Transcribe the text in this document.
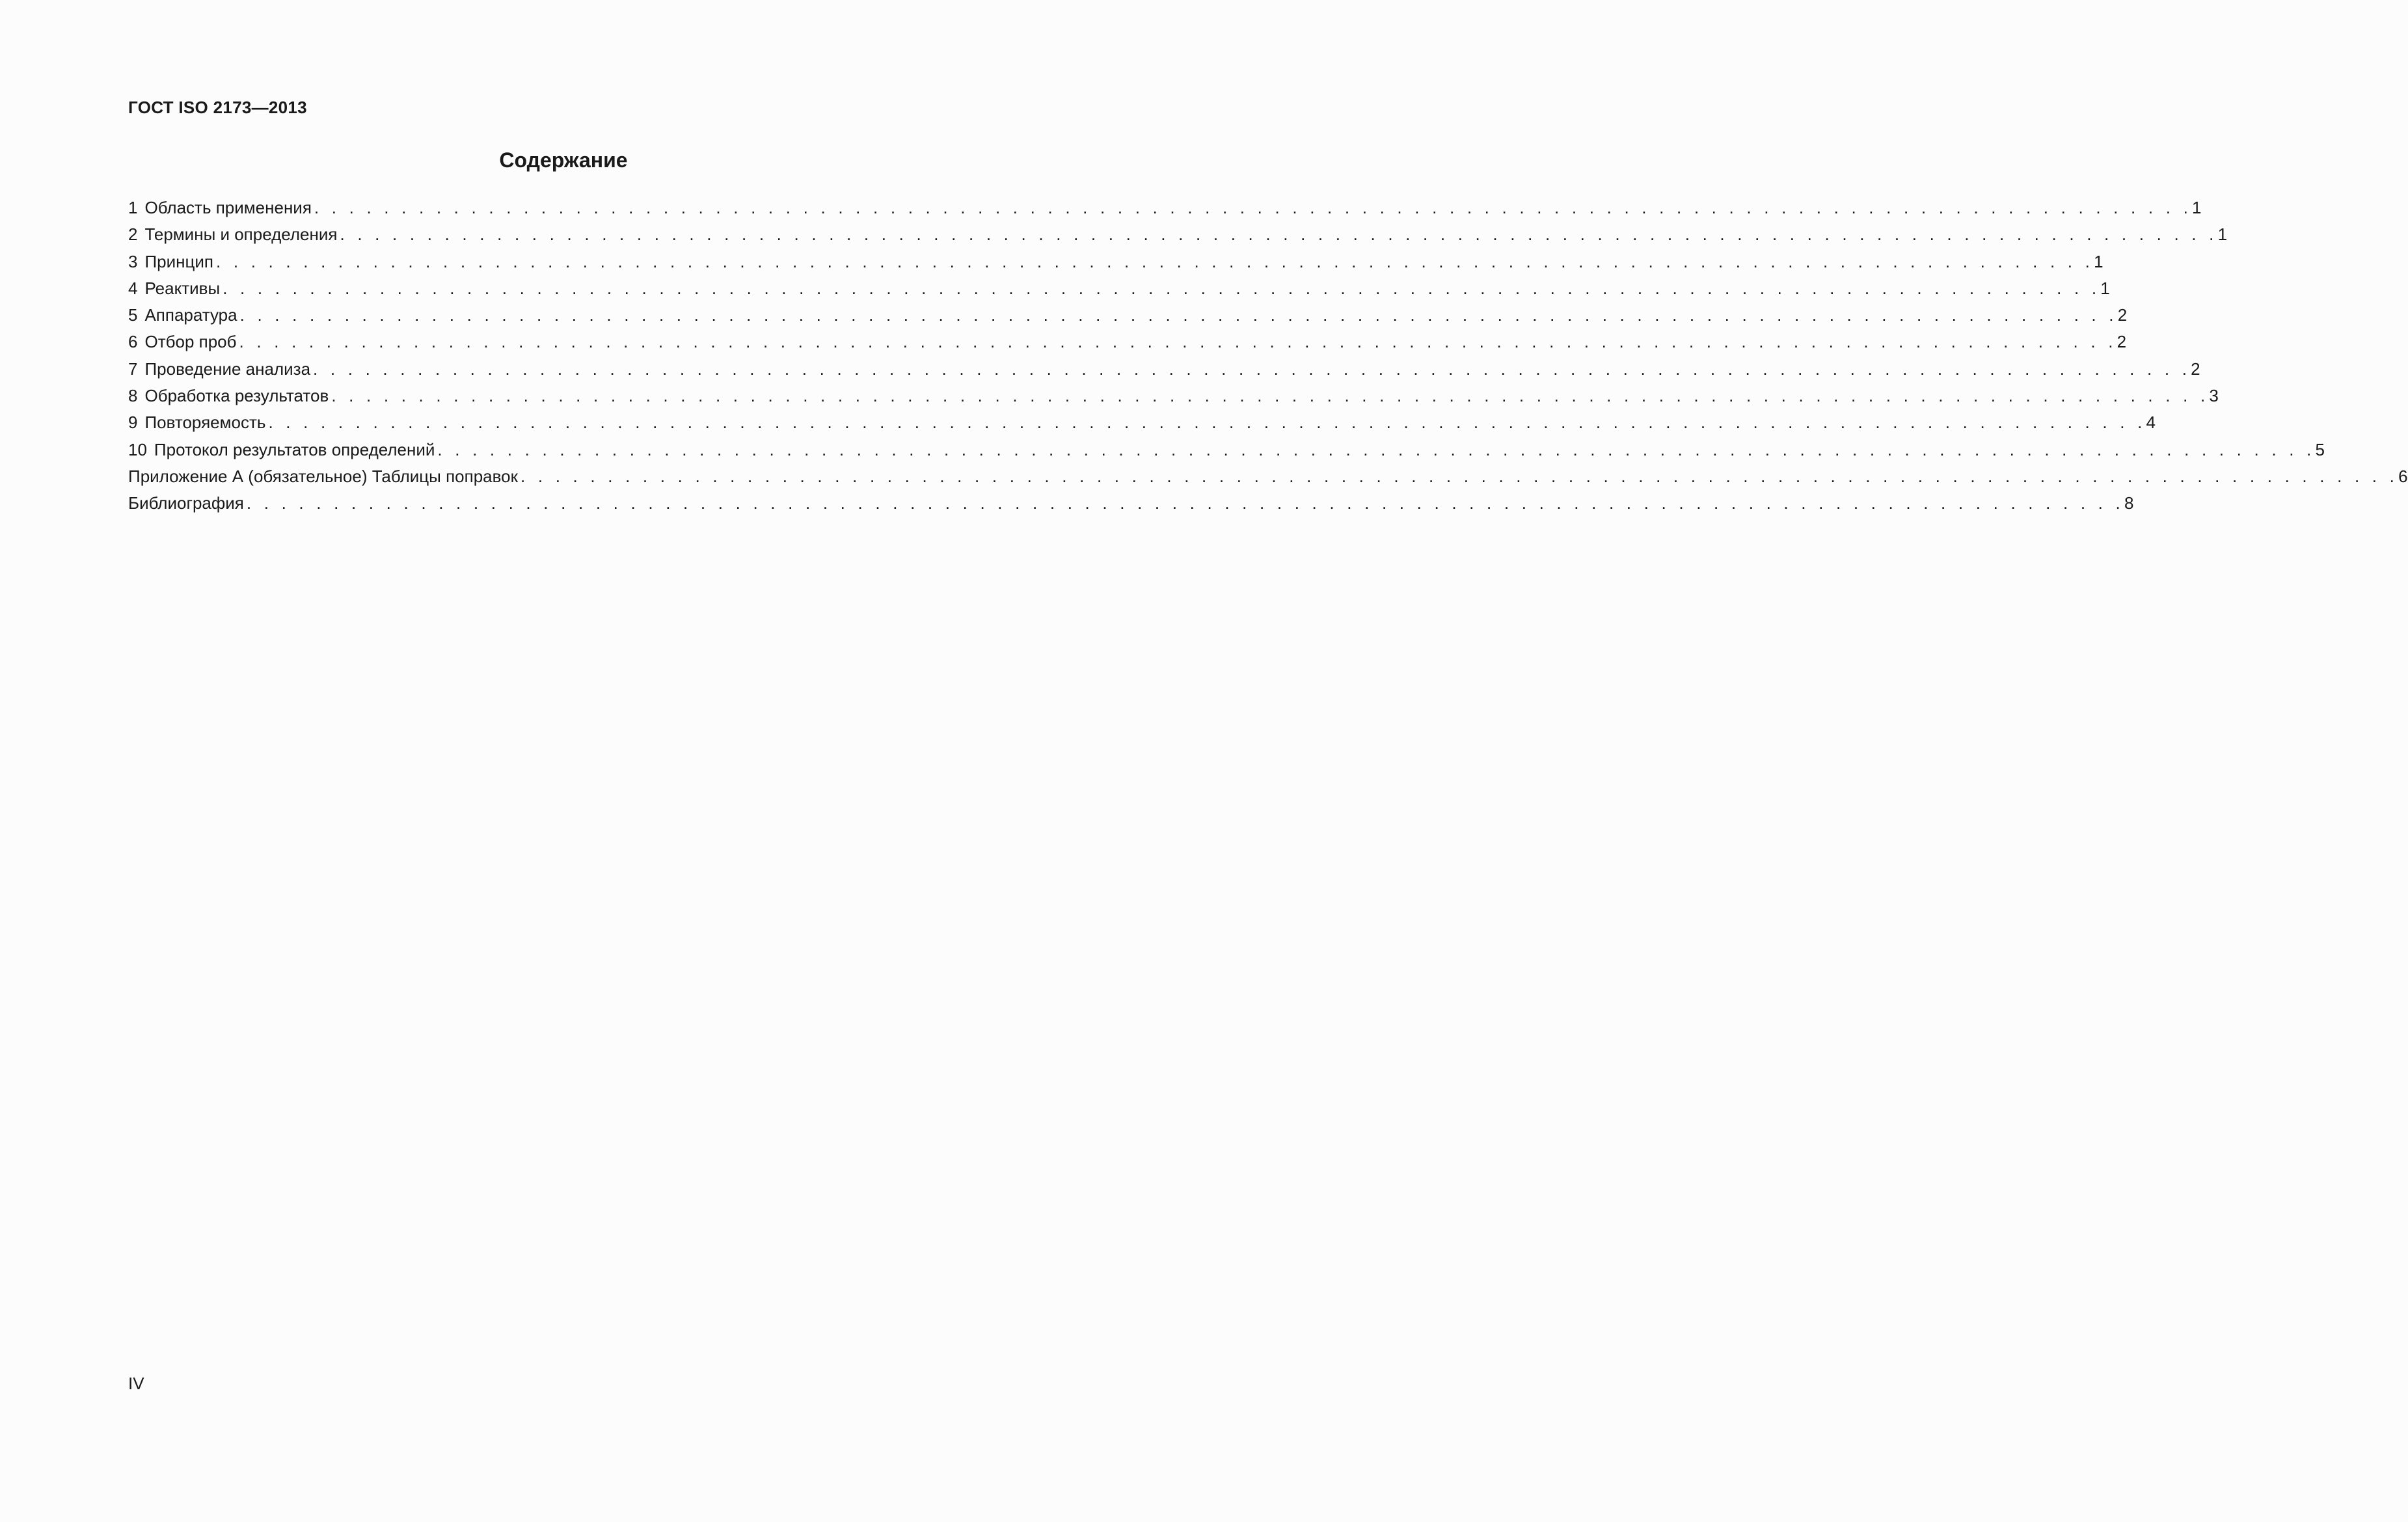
ГОСТ ISO 2173—2013
Содержание
1 Область применения . . . . . . . . . . . . . . . . . . . . . . . . . . . . . . . . . . . . . . . . . . . . . . . . . . . . . . . . . . . . . . . . . . . . . . . . . . . . . . . . . . . . . . . . . . . . . . . . . . . . . . . . . . . . 1
2 Термины и определения . . . . . . . . . . . . . . . . . . . . . . . . . . . . . . . . . . . . . . . . . . . . . . . . . . . . . . . . . . . . . . . . . . . . . . . . . . . . . . . . . . . . . . . . . . . . . . . . . . . . . . . . . . . . 1
3 Принцип . . . . . . . . . . . . . . . . . . . . . . . . . . . . . . . . . . . . . . . . . . . . . . . . . . . . . . . . . . . . . . . . . . . . . . . . . . . . . . . . . . . . . . . . . . . . . . . . . . . . . . . . . . . . 1
4 Реактивы . . . . . . . . . . . . . . . . . . . . . . . . . . . . . . . . . . . . . . . . . . . . . . . . . . . . . . . . . . . . . . . . . . . . . . . . . . . . . . . . . . . . . . . . . . . . . . . . . . . . . . . . . . . . 1
5 Аппаратура . . . . . . . . . . . . . . . . . . . . . . . . . . . . . . . . . . . . . . . . . . . . . . . . . . . . . . . . . . . . . . . . . . . . . . . . . . . . . . . . . . . . . . . . . . . . . . . . . . . . . . . . . . . . 2
6 Отбор проб . . . . . . . . . . . . . . . . . . . . . . . . . . . . . . . . . . . . . . . . . . . . . . . . . . . . . . . . . . . . . . . . . . . . . . . . . . . . . . . . . . . . . . . . . . . . . . . . . . . . . . . . . . . . 2
7 Проведение анализа . . . . . . . . . . . . . . . . . . . . . . . . . . . . . . . . . . . . . . . . . . . . . . . . . . . . . . . . . . . . . . . . . . . . . . . . . . . . . . . . . . . . . . . . . . . . . . . . . . . . . . . . . . . . 2
8 Обработка результатов . . . . . . . . . . . . . . . . . . . . . . . . . . . . . . . . . . . . . . . . . . . . . . . . . . . . . . . . . . . . . . . . . . . . . . . . . . . . . . . . . . . . . . . . . . . . . . . . . . . . . . . . . . . . 3
9 Повторяемость . . . . . . . . . . . . . . . . . . . . . . . . . . . . . . . . . . . . . . . . . . . . . . . . . . . . . . . . . . . . . . . . . . . . . . . . . . . . . . . . . . . . . . . . . . . . . . . . . . . . . . . . . . . . 4
10 Протокол результатов определений . . . . . . . . . . . . . . . . . . . . . . . . . . . . . . . . . . . . . . . . . . . . . . . . . . . . . . . . . . . . . . . . . . . . . . . . . . . . . . . . . . . . . . . . . . . . . . . . . . . . . . . . . . . . 5
Приложение А (обязательное) Таблицы поправок . . . . . . . . . . . . . . . . . . . . . . . . . . . . . . . . . . . . . . . . . . . . . . . . . . . . . . . . . . . . . . . . . . . . . . . . . . . . . . . . . . . . . . . . . . . . . . . . . . . . . . . . . . . . 6
Библиография . . . . . . . . . . . . . . . . . . . . . . . . . . . . . . . . . . . . . . . . . . . . . . . . . . . . . . . . . . . . . . . . . . . . . . . . . . . . . . . . . . . . . . . . . . . . . . . . . . . . . . . . . . . . 8
IV
